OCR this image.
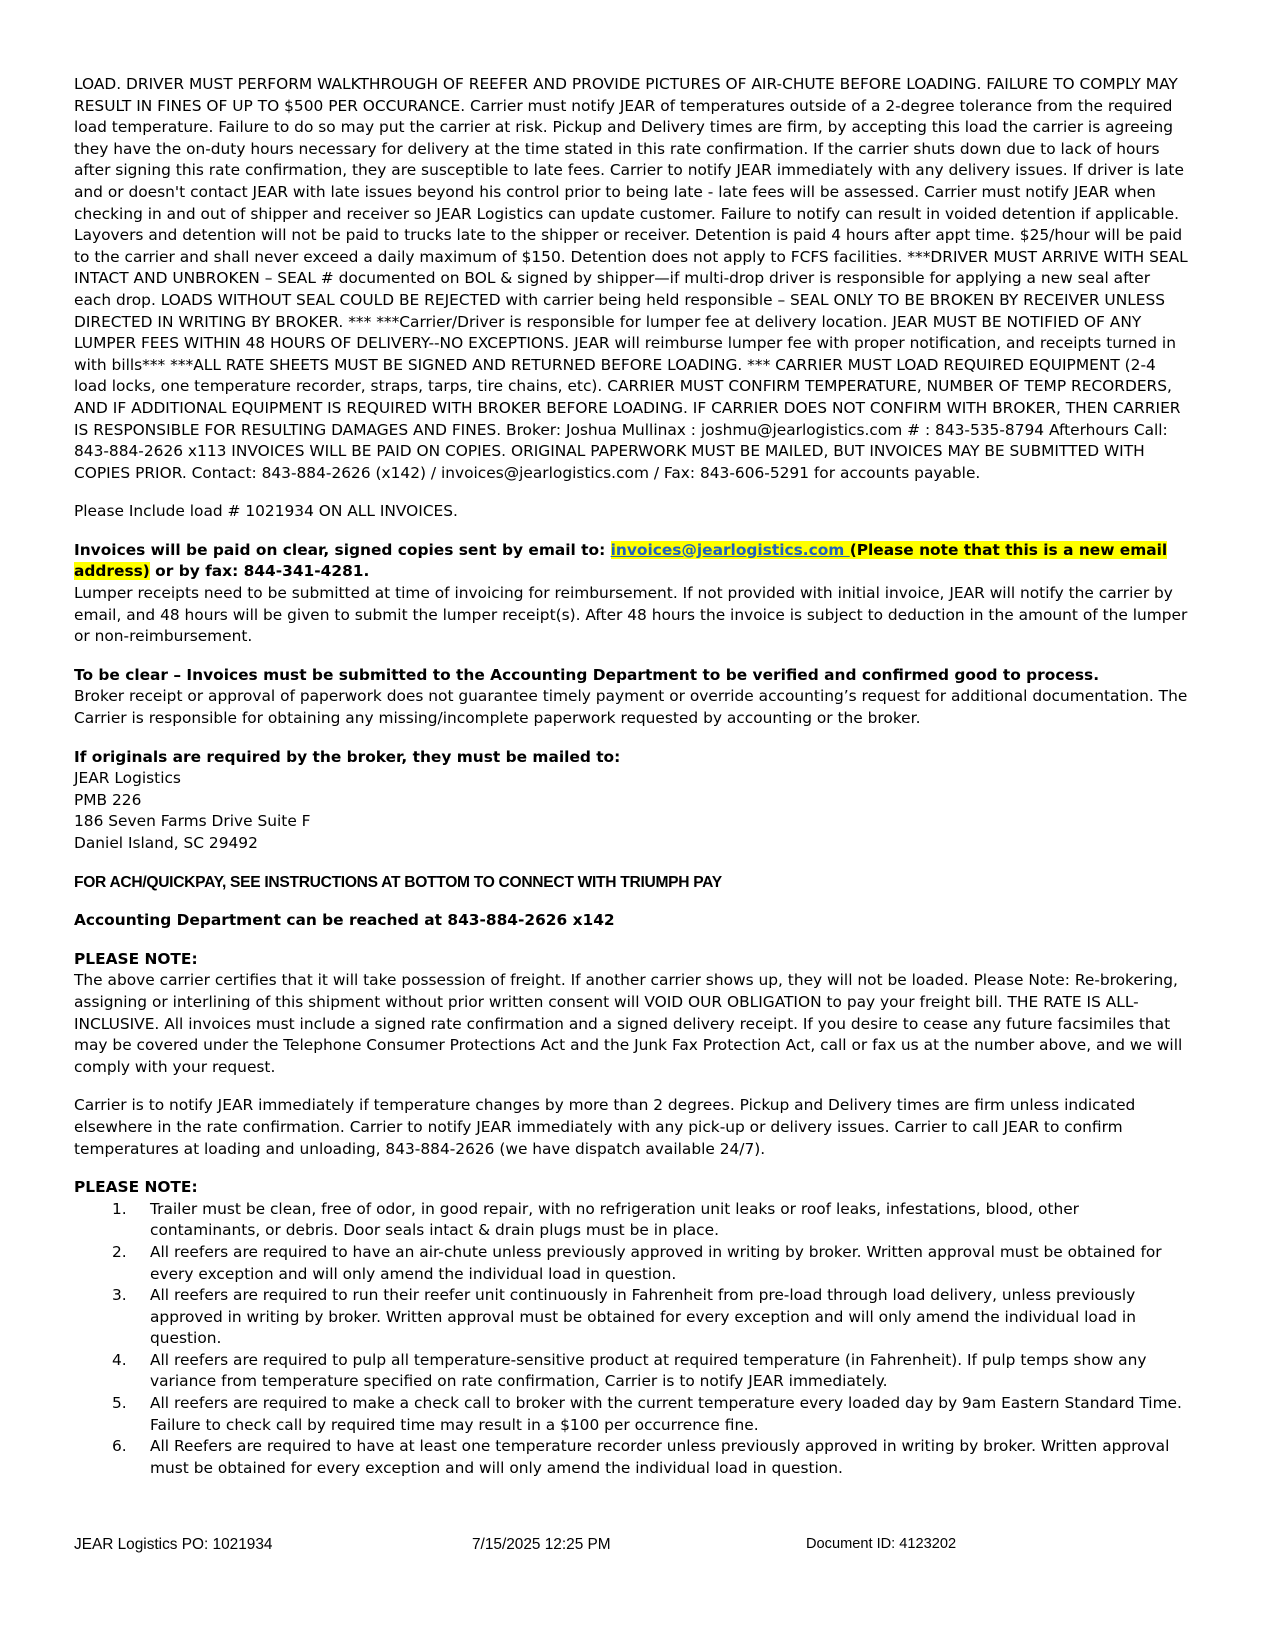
LOAD. DRIVER MUST PERFORM WALKTHROUGH OF REEFER AND PROVIDE PICTURES OF AIR-CHUTE BEFORE LOADING. FAILURE TO COMPLY MAY RESULT IN FINES OF UP TO $500 PER OCCURANCE. Carrier must notify JEAR of temperatures outside of a 2-degree tolerance from the required load temperature. Failure to do so may put the carrier at risk. Pickup and Delivery times are firm, by accepting this load the carrier is agreeing they have the on-duty hours necessary for delivery at the time stated in this rate confirmation. If the carrier shuts down due to lack of hours after signing this rate confirmation, they are susceptible to late fees. Carrier to notify JEAR immediately with any delivery issues. If driver is late and or doesn't contact JEAR with late issues beyond his control prior to being late - late fees will be assessed. Carrier must notify JEAR when checking in and out of shipper and receiver so JEAR Logistics can update customer. Failure to notify can result in voided detention if applicable. Layovers and detention will not be paid to trucks late to the shipper or receiver. Detention is paid 4 hours after appt time. $25/hour will be paid to the carrier and shall never exceed a daily maximum of $150. Detention does not apply to FCFS facilities. ***DRIVER MUST ARRIVE WITH SEAL INTACT AND UNBROKEN – SEAL # documented on BOL & signed by shipper—if multi-drop driver is responsible for applying a new seal after each drop. LOADS WITHOUT SEAL COULD BE REJECTED with carrier being held responsible – SEAL ONLY TO BE BROKEN BY RECEIVER UNLESS DIRECTED IN WRITING BY BROKER. *** ***Carrier/Driver is responsible for lumper fee at delivery location. JEAR MUST BE NOTIFIED OF ANY LUMPER FEES WITHIN 48 HOURS OF DELIVERY--NO EXCEPTIONS. JEAR will reimburse lumper fee with proper notification, and receipts turned in with bills*** ***ALL RATE SHEETS MUST BE SIGNED AND RETURNED BEFORE LOADING. *** CARRIER MUST LOAD REQUIRED EQUIPMENT (2-4 load locks, one temperature recorder, straps, tarps, tire chains, etc). CARRIER MUST CONFIRM TEMPERATURE, NUMBER OF TEMP RECORDERS, AND IF ADDITIONAL EQUIPMENT IS REQUIRED WITH BROKER BEFORE LOADING. IF CARRIER DOES NOT CONFIRM WITH BROKER, THEN CARRIER IS RESPONSIBLE FOR RESULTING DAMAGES AND FINES. Broker: Joshua Mullinax : joshmu@jearlogistics.com # : 843-535-8794 Afterhours Call: 843-884-2626 x113 INVOICES WILL BE PAID ON COPIES. ORIGINAL PAPERWORK MUST BE MAILED, BUT INVOICES MAY BE SUBMITTED WITH COPIES PRIOR. Contact: 843-884-2626 (x142) / invoices@jearlogistics.com / Fax: 843-606-5291 for accounts payable.

Please Include load # 1021934 ON ALL INVOICES.

Invoices will be paid on clear, signed copies sent by email to: invoices@jearlogistics.com (Please note that this is a new email address) or by fax: 844-341-4281.

Lumper receipts need to be submitted at time of invoicing for reimbursement. If not provided with initial invoice, JEAR will notify the carrier by email, and 48 hours will be given to submit the lumper receipt(s). After 48 hours the invoice is subject to deduction in the amount of the lumper or non-reimbursement.

To be clear – Invoices must be submitted to the Accounting Department to be verified and confirmed good to process.

Broker receipt or approval of paperwork does not guarantee timely payment or override accounting’s request for additional documentation. The Carrier is responsible for obtaining any missing/incomplete paperwork requested by accounting or the broker.

If originals are required by the broker, they must be mailed to:

JEAR Logistics
PMB 226
186 Seven Farms Drive Suite F
Daniel Island, SC 29492

FOR ACH/QUICKPAY, SEE INSTRUCTIONS AT BOTTOM TO CONNECT WITH TRIUMPH PAY

Accounting Department can be reached at 843-884-2626 x142

PLEASE NOTE:

The above carrier certifies that it will take possession of freight. If another carrier shows up, they will not be loaded. Please Note: Re-brokering, assigning or interlining of this shipment without prior written consent will VOID OUR OBLIGATION to pay your freight bill. THE RATE IS ALL-INCLUSIVE. All invoices must include a signed rate confirmation and a signed delivery receipt. If you desire to cease any future facsimiles that may be covered under the Telephone Consumer Protections Act and the Junk Fax Protection Act, call or fax us at the number above, and we will comply with your request.

Carrier is to notify JEAR immediately if temperature changes by more than 2 degrees. Pickup and Delivery times are firm unless indicated elsewhere in the rate confirmation. Carrier to notify JEAR immediately with any pick-up or delivery issues. Carrier to call JEAR to confirm temperatures at loading and unloading, 843-884-2626 (we have dispatch available 24/7).

PLEASE NOTE:

1. Trailer must be clean, free of odor, in good repair, with no refrigeration unit leaks or roof leaks, infestations, blood, other contaminants, or debris. Door seals intact & drain plugs must be in place.
2. All reefers are required to have an air-chute unless previously approved in writing by broker. Written approval must be obtained for every exception and will only amend the individual load in question.
3. All reefers are required to run their reefer unit continuously in Fahrenheit from pre-load through load delivery, unless previously approved in writing by broker. Written approval must be obtained for every exception and will only amend the individual load in question.
4. All reefers are required to pulp all temperature-sensitive product at required temperature (in Fahrenheit). If pulp temps show any variance from temperature specified on rate confirmation, Carrier is to notify JEAR immediately.
5. All reefers are required to make a check call to broker with the current temperature every loaded day by 9am Eastern Standard Time. Failure to check call by required time may result in a $100 per occurrence fine.
6. All Reefers are required to have at least one temperature recorder unless previously approved in writing by broker. Written approval must be obtained for every exception and will only amend the individual load in question.
JEAR Logistics PO: 1021934	7/15/2025 12:25 PM	Document ID: 4123202
